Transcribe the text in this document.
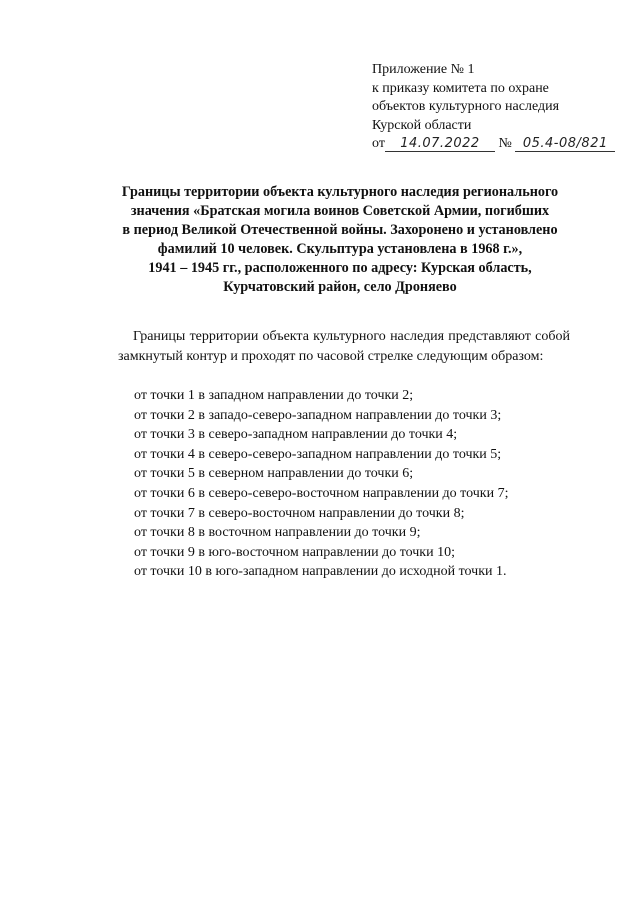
Приложение № 1
к приказу комитета по охране
объектов культурного наследия
Курской области
от 14.07.2022 № 05.4-08/821
Границы территории объекта культурного наследия регионального
значения «Братская могила воинов Советской Армии, погибших
в период Великой Отечественной войны. Захоронено и установлено
фамилий 10 человек. Скульптура установлена в 1968 г.»,
1941 – 1945 гг., расположенного по адресу: Курская область,
Курчатовский район, село Дроняево
Границы территории объекта культурного наследия представляют собой замкнутый контур и проходят по часовой стрелке следующим образом:
от точки 1 в западном направлении до точки 2;
от точки 2 в западо-северо-западном направлении до точки 3;
от точки 3 в северо-западном направлении до точки 4;
от точки 4 в северо-северо-западном направлении до точки 5;
от точки 5 в северном направлении до точки 6;
от точки 6 в северо-северо-восточном направлении до точки 7;
от точки 7 в северо-восточном направлении до точки 8;
от точки 8 в восточном направлении до точки 9;
от точки 9 в юго-восточном направлении до точки 10;
от точки 10 в юго-западном направлении до исходной точки 1.
